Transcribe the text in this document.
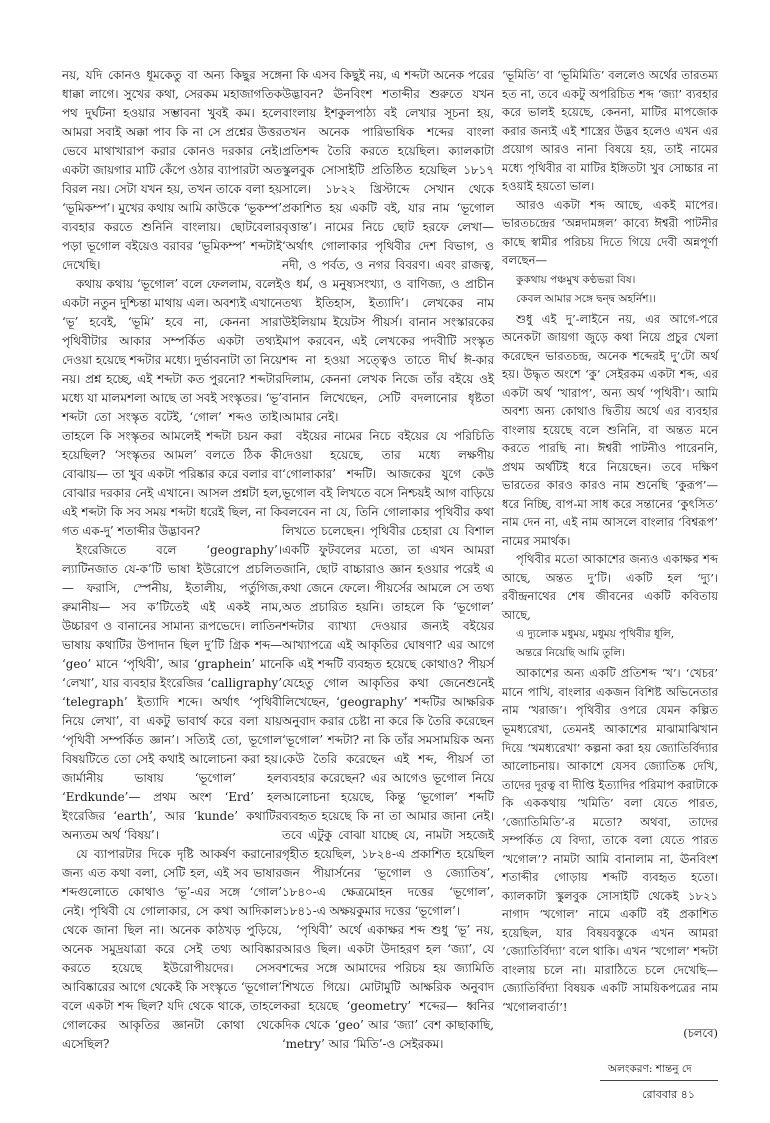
নয়, যদি কোনও ধূমকেতু বা অন্য কিছুর সঙ্গে ধাক্কা লাগে। সুখের কথা, সেরকম মহাজাগতিক পথ দুর্ঘটনা হওয়ার সম্ভাবনা খুবই কম। হলে আমরা সবাই অক্কা পাব কি না সে প্রশ্নের উত্তর ভেবে মাথাখারাপ করার কোনও দরকার নেই। একটা জায়গার মাটি কেঁপে ওঠার ব্যাপারটা অত বিরল নয়। সেটা যখন হয়, তখন তাকে বলা হয় ‘ভূমিকম্প’। মুখের কথায় আমি কাউকে ‘ভূকম্প’ ব্যবহার করতে শুনিনি বাংলায়। ছোটবেলার পড়া ভূগোল বইয়েও বরাবর ‘ভূমিকম্প’ শব্দটাই দেখেছি।

কথায় কথায় ‘ভূগোল’ বলে ফেললাম, বলেই একটা নতুন দুশ্চিন্তা মাথায় এল। অবশ্যই এখানে ‘ভূ’ হবেই, ‘ভূমি’ হবে না, কেননা সারা পৃথিবীটার আকার সম্পর্কিত একটা তথ্যই দেওয়া হয়েছে শব্দটার মধ্যে। দুর্ভাবনাটা তা নিয়ে নয়। প্রশ্ন হচ্ছে, এই শব্দটা কত পুরনো? শব্দটার মধ্যে যা মালমশলা আছে তা সবই সংস্কৃতর। ‘ভূ’ শব্দটা তো সংস্কৃত বটেই, ‘গোল’ শব্দও তাই। তাহলে কি সংস্কৃতর আমলেই শব্দটা চয়ন করা হয়েছিল? ‘সংস্কৃতর আমল’ বলতে ঠিক কী বোঝায়— তা খুব একটা পরিষ্কার করে বলার বা বোঝার দরকার নেই এখানে। আসল প্রশ্নটা হল, এই শব্দটা কি সব সময় শব্দটা ধরেই ছিল, না কি গত এক-দু’ শতাব্দীর উদ্ভাবন?

ইংরেজিতে বলে ‘geography’। ল্যাটিনজাত যে-ক’টি ভাষা ইউরোপে প্রচলিত— ফরাসি, স্পেনীয়, ইতালীয়, পর্তুগিজ, রুমানীয়— সব ক’টিতেই এই একই নাম, উচ্চারণ ও বানানের সামান্য রূপভেদে। লাতিন ভাষায় কথাটির উপাদান ছিল দু’টি গ্রিক শব্দ— ‘geo’ মানে ‘পৃথিবী’, আর ‘graphein’ মানে ‘লেখা’, যার ব্যবহার ইংরেজির ‘calligraphy’ ‘telegraph’ ইত্যাদি শব্দে। অর্থাৎ ‘পৃথিবী নিয়ে লেখা’, বা একটু ভাবার্থ করে বলা যায় ‘পৃথিবী সম্পর্কিত জ্ঞান’। সত্যিই তো, ভূগোল বিষয়টিতে তো সেই কথাই আলোচনা করা হয়। জার্মানীয় ভাষায় ‘ভূগোল’ হল ‘Erdkunde’— প্রথম অংশ ‘Erd’ হল ইংরেজির ‘earth’, আর ‘kunde’ কথাটির অন্যতম অর্থ ‘বিষয়’।

যে ব্যাপারটার দিকে দৃষ্টি আকর্ষণ করানোর জন্য এত কথা বলা, সেটি হল, এই সব ভাষার শব্দগুলোতে কোথাও ‘ভূ’-এর সঙ্গে ‘গোল’ নেই। পৃথিবী যে গোলাকার, সে কথা আদিকাল থেকে জানা ছিল না। অনেক কাঠখড় পুড়িয়ে, অনেক সমুদ্রযাত্রা করে সেই তথ্য আবিষ্কার করতে হয়েছে ইউরোপীয়দের। সেসব আবিষ্কারের আগে থেকেই কি সংস্কৃতে ‘ভূগোল’ বলে একটা শব্দ ছিল? যদি থেকে থাকে, তাহলে গোলকের আকৃতির জ্ঞানটা কোথা থেকে এসেছিল?

না কি এসব কিছুই নয়, এ শব্দটা অনেক পরের উদ্ভাবন? ঊনবিংশ শতাব্দীর শুরুতে যখন বাংলায় ইশকুলপাঠ্য বই লেখার সূচনা হয়, তখন অনেক পারিভাষিক শব্দের বাংলা প্রতিশব্দ তৈরি করতে হয়েছিল। ক্যালকাটা স্কুলবুক সোসাইটি প্রতিষ্ঠিত হয়েছিল ১৮১৭ সালে। ১৮২২ খ্রিস্টাব্দে সেখান থেকে প্রকাশিত হয় একটি বই, যার নাম ‘ভূগোল বৃত্তান্ত’। নামের নিচে ছোট হরফে লেখা— ‘অর্থাৎ গোলাকার পৃথিবীর দেশ বিভাগ, ও নদী, ও পর্বত, ও নগর বিবরণ। এবং রাজত্ব, ও ধর্ম, ও মনুষ্যসংখ্যা, ও বাণিজ্য, ও প্রাচীন তথ্য ইতিহাস, ইত্যাদি’। লেখকের নাম উইলিয়াম ইয়েটস পীয়র্স। বানান সংস্কারকের মাপ করবেন, এই লেখকের পদবীটি সংস্কৃত শব্দ না হওয়া সত্ত্বেও তাতে দীর্ঘ ঈ-কার দিলাম, কেননা লেখক নিজে তাঁর বইয়ে ওই বানান লিখেছেন, সেটি বদলানোর ধৃষ্টতা আমার নেই।

বইয়ের নামের নিচে বইয়ের যে পরিচিতি দেওয়া হয়েছে, তার মধ্যে লক্ষণীয় ‘গোলাকার’ শব্দটি। আজকের যুগে কেউ ভূগোল বই লিখতে বসে নিশ্চয়ই আগ বাড়িয়ে বলবেন না যে, তিনি গোলাকার পৃথিবীর কথা লিখতে চলেছেন। পৃথিবীর চেহারা যে বিশাল একটি ফুটবলের মতো, তা এখন আমরা জানি, ছোট বাচ্চারাও জ্ঞান হওয়ার পরেই এ কথা জেনে ফেলে। পীয়র্সের আমলে সে তথ্য অত প্রচারিত হয়নি। তাহলে কি ‘ভূগোল’ শব্দটার ব্যাখ্যা দেওয়ার জন্যই বইয়ের আখ্যাপত্রে এই আকৃতির ঘোষণা? এর আগে কি এই শব্দটি ব্যবহৃত হয়েছে কোথাও? পীয়র্স যেহেতু গোল আকৃতির কথা জেনেশুনেই লিখেছেন, ‘geography’ শব্দটির আক্ষরিক অনুবাদ করার চেষ্টা না করে কি তৈরি করেছেন ‘ভূগোল’ শব্দটা? না কি তাঁর সমসাময়িক অন্য কেউ তৈরি করেছেন এই শব্দ, পীয়র্স তা ব্যবহার করেছেন? এর আগেও ভূগোল নিয়ে আলোচনা হয়েছে, কিন্তু ‘ভূগোল’ শব্দটি ব্যবহৃত হয়েছে কি না তা আমার জানা নেই। তবে এটুকু বোঝা যাচ্ছে যে, নামটা সহজেই গৃহীত হয়েছিল, ১৮২৪-এ প্রকাশিত হয়েছিল জন পীয়ার্সনের ‘ভূগোল ও জ্যোতিষ’, ১৮৪০-এ ক্ষেত্রমোহন দত্তের ‘ভূগোল’, ১৮৪১-এ অক্ষয়কুমার দত্তের ‘ভূগোল’।

‘পৃথিবী’ অর্থে একাক্ষর শব্দ শুধু ‘ভূ’ নয়, আরও ছিল। একটা উদাহরণ হল ‘জ্যা’, যে শব্দের সঙ্গে আমাদের পরিচয় হয় জ্যামিতি শিখতে গিয়ে। মোটামুটি আক্ষরিক অনুবাদ করা হয়েছে ‘geometry’ শব্দের— ধ্বনির দিক থেকে ‘geo’ আর ‘জ্যা’ বেশ কাছাকাছি, ‘metry’ আর ‘মিতি’-ও সেইরকম।

‘ভূমিতি’ বা ‘ভূমিমিতি’ বললেও অর্থের তারতম্য হত না, তবে একটু অপরিচিত শব্দ ‘জ্যা’ ব্যবহার করে ভালই হয়েছে, কেননা, মাটির মাপজোক করার জন্যই এই শাস্ত্রের উদ্ভব হলেও এখন এর প্রয়োগ আরও নানা বিষয়ে হয়, তাই নামের মধ্যে পৃথিবীর বা মাটির ইঙ্গিতটা খুব সোচ্চার না হওয়াই হয়তো ভাল।

আরও একটা শব্দ আছে, একই মাপের। ভারতচন্দ্রের ‘অন্নদামঙ্গল’ কাব্যে ঈশ্বরী পাটনীর কাছে স্বামীর পরিচয় দিতে গিয়ে দেবী অন্নপূর্ণা বলছেন—

কুকথায় পঞ্চমুখ কণ্ঠভরা বিষ।

কেবল আমার সঙ্গে দ্বন্দ্ব অহর্নিশ।।

শুধু এই দু’-লাইনে নয়, এর আগে-পরে অনেকটা জায়গা জুড়ে কথা নিয়ে প্রচুর খেলা করেছেন ভারতচন্দ্র, অনেক শব্দেরই দু’টো অর্থ হয়। উদ্ধৃত অংশে ‘কু’ সেইরকম একটা শব্দ, এর একটা অর্থ ‘খারাপ’, অন্য অর্থ ‘পৃথিবী’। আমি অবশ্য অন্য কোথাও দ্বিতীয় অর্থে এর ব্যবহার বাংলায় হয়েছে বলে শুনিনি, বা অন্তত মনে করতে পারছি না। ঈশ্বরী পাটনীও পারেননি, প্রথম অর্থটিই ধরে নিয়েছেন। তবে দক্ষিণ ভারতের কারও কারও নাম শুনেছি ‘কুরূপ’— ধরে নিচ্ছি, বাপ-মা সাধ করে সন্তানের ‘কুৎসিত’ নাম দেন না, এই নাম আসলে বাংলার ‘বিশ্বরূপ’ নামের সমার্থক।

পৃথিবীর মতো আকাশের জন্যও একাক্ষর শব্দ আছে, অন্তত দু’টি। একটি হল ‘দ্যু’। রবীন্দ্রনাথের শেষ জীবনের একটি কবিতায় আছে,

এ দ্যুলোক মধুময়, মধুময় পৃথিবীর ধূলি,

অন্তরে নিয়েছি আমি তুলি।

আকাশের অন্য একটি প্রতিশব্দ ‘খ’। ‘খেচর’ মানে পাখি, বাংলার একজন বিশিষ্ট অভিনেতার নাম ‘খরাজ’। পৃথিবীর ওপরে যেমন কল্পিত ভূমধ্যরেখা, তেমনই আকাশের মাঝামাঝিখান দিয়ে ‘খমধ্যরেখা’ কল্পনা করা হয় জ্যোতির্বিদ্যার আলোচনায়। আকাশে যেসব জ্যোতিষ্ক দেখি, তাদের দূরত্ব বা দীপ্তি ইত্যাদির পরিমাপ করাটাকে কি এককথায় ‘খমিতি’ বলা যেতে পারত, ‘জ্যোতিমিতি’-র মতো? অথবা, তাদের সম্পর্কিত যে বিদ্যা, তাকে বলা যেতে পারত ‘খগোল’? নামটা আমি বানালাম না, ঊনবিংশ শতাব্দীর গোড়ায় শব্দটি ব্যবহৃত হতো। ক্যালকাটা স্কুলবুক সোসাইটি থেকেই ১৮২১ নাগাদ ‘খগোল’ নামে একটি বই প্রকাশিত হয়েছিল, যার বিষয়বস্তুকে এখন আমরা ‘জ্যোতির্বিদ্যা’ বলে থাকি। এখন ‘খগোল’ শব্দটা বাংলায় চলে না। মারাঠিতে চলে দেখেছি— জ্যোতির্বিদ্যা বিষয়ক একটি সাময়িকপত্রের নাম ‘খগোলবার্তা’!

(চলবে)
অলংকরণ: শান্তনু দে
রোববার ৪১
